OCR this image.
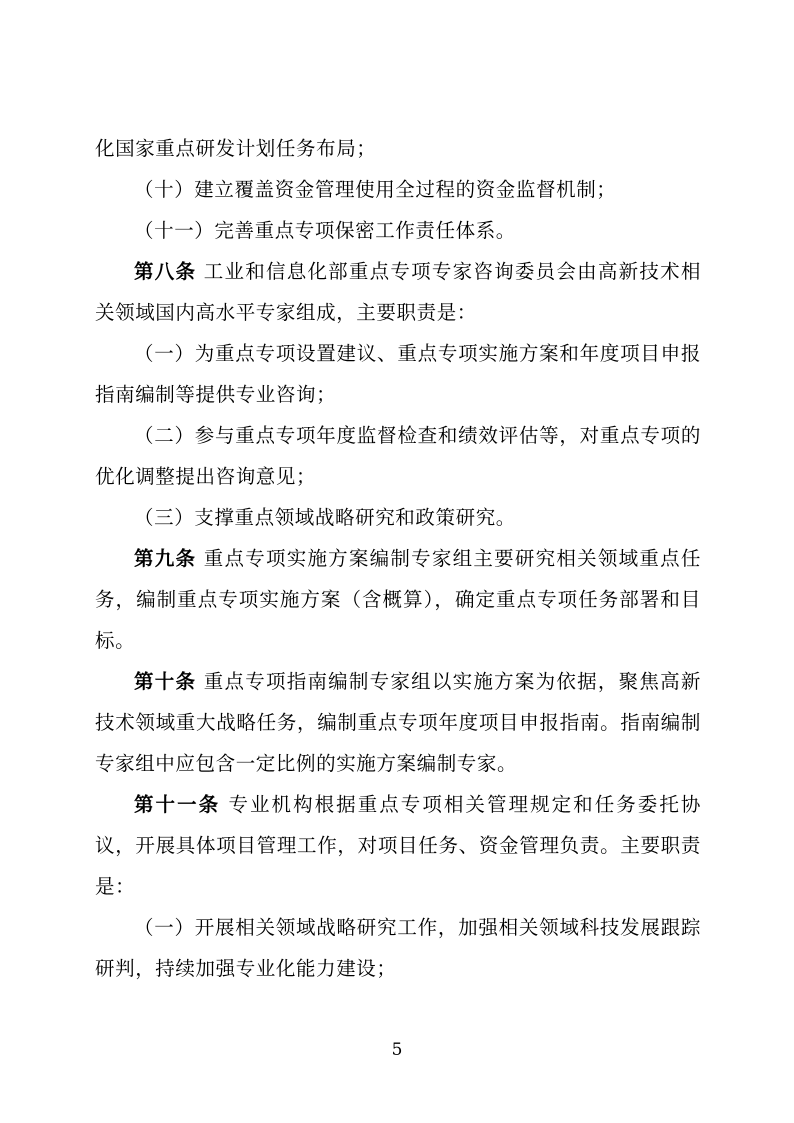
化国家重点研发计划任务布局；

（十）建立覆盖资金管理使用全过程的资金监督机制；

（十一）完善重点专项保密工作责任体系。

第八条 工业和信息化部重点专项专家咨询委员会由高新技术相关领域国内高水平专家组成，主要职责是：

（一）为重点专项设置建议、重点专项实施方案和年度项目申报指南编制等提供专业咨询；

（二）参与重点专项年度监督检查和绩效评估等，对重点专项的优化调整提出咨询意见；

（三）支撑重点领域战略研究和政策研究。

第九条 重点专项实施方案编制专家组主要研究相关领域重点任务，编制重点专项实施方案（含概算），确定重点专项任务部署和目标。

第十条 重点专项指南编制专家组以实施方案为依据，聚焦高新技术领域重大战略任务，编制重点专项年度项目申报指南。指南编制专家组中应包含一定比例的实施方案编制专家。

第十一条 专业机构根据重点专项相关管理规定和任务委托协议，开展具体项目管理工作，对项目任务、资金管理负责。主要职责是：

（一）开展相关领域战略研究工作，加强相关领域科技发展跟踪研判，持续加强专业化能力建设；

5
